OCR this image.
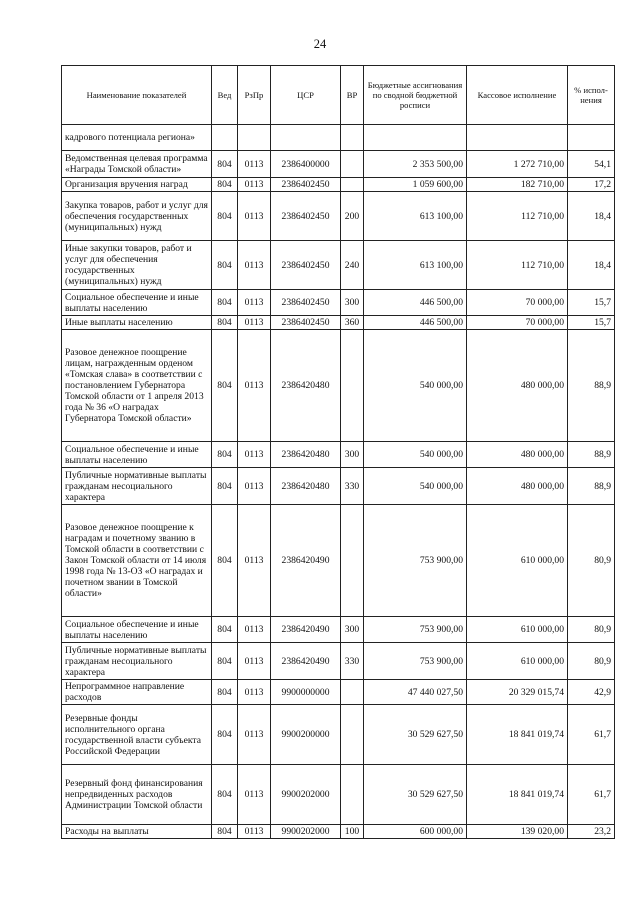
24
Наименование показателей	Вед	РзПр	ЦСР	ВР	Бюджетные ассигнования по сводной бюджетной росписи	Кассовое исполнение	% испол-нения
кадрового потенциала региона»							
Ведомственная целевая программа «Награды Томской области»	804	0113	2386400000		2 353 500,00	1 272 710,00	54,1
Организация вручения наград	804	0113	2386402450		1 059 600,00	182 710,00	17,2
Закупка товаров, работ и услуг для обеспечения государственных (муниципальных) нужд	804	0113	2386402450	200	613 100,00	112 710,00	18,4
Иные закупки товаров, работ и услуг для обеспечения государственных (муниципальных) нужд	804	0113	2386402450	240	613 100,00	112 710,00	18,4
Социальное обеспечение и иные выплаты населению	804	0113	2386402450	300	446 500,00	70 000,00	15,7
Иные выплаты населению	804	0113	2386402450	360	446 500,00	70 000,00	15,7
Разовое денежное поощрение лицам, награжденным орденом «Томская слава» в соответствии с постановлением Губернатора Томской области от 1 апреля 2013 года № 36 «О наградах Губернатора Томской области»	804	0113	2386420480		540 000,00	480 000,00	88,9
Социальное обеспечение и иные выплаты населению	804	0113	2386420480	300	540 000,00	480 000,00	88,9
Публичные нормативные выплаты гражданам несоциального характера	804	0113	2386420480	330	540 000,00	480 000,00	88,9
Разовое денежное поощрение к наградам и почетному званию в Томской области в соответствии с Закон Томской области от 14 июля 1998 года № 13-ОЗ «О наградах и почетном звании в Томской области»	804	0113	2386420490		753 900,00	610 000,00	80,9
Социальное обеспечение и иные выплаты населению	804	0113	2386420490	300	753 900,00	610 000,00	80,9
Публичные нормативные выплаты гражданам несоциального характера	804	0113	2386420490	330	753 900,00	610 000,00	80,9
Непрограммное направление расходов	804	0113	9900000000		47 440 027,50	20 329 015,74	42,9
Резервные фонды исполнительного органа государственной власти субъекта Российской Федерации	804	0113	9900200000		30 529 627,50	18 841 019,74	61,7
Резервный фонд финансирования непредвиденных расходов Администрации Томской области	804	0113	9900202000		30 529 627,50	18 841 019,74	61,7
Расходы на выплаты	804	0113	9900202000	100	600 000,00	139 020,00	23,2
